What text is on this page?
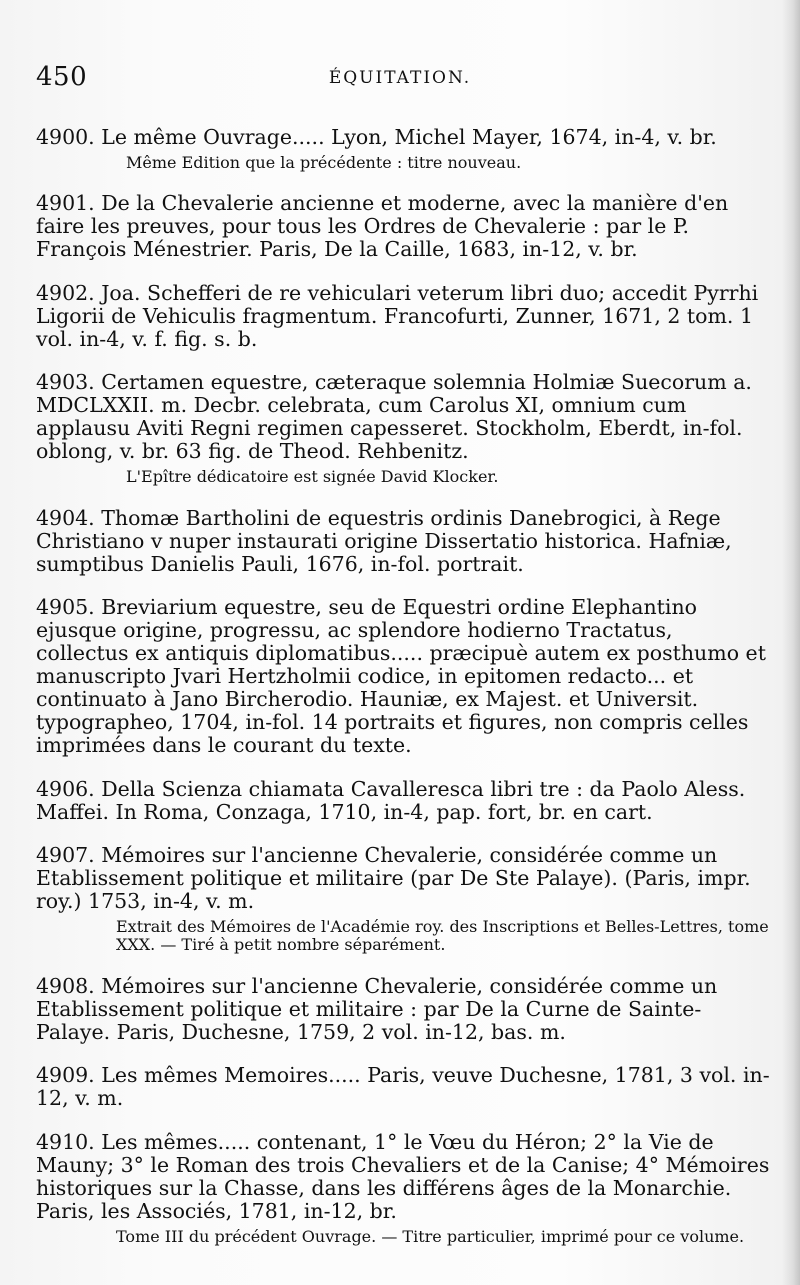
450	ÉQUITATION.

4900. Le même Ouvrage..... Lyon, Michel Mayer, 1674, in-4, v. br.

Même Edition que la précédente : titre nouveau.

4901. De la Chevalerie ancienne et moderne, avec la manière d'en faire les preuves, pour tous les Ordres de Chevalerie : par le P. François Ménestrier. Paris, De la Caille, 1683, in-12, v. br.

4902. Joa. Schefferi de re vehiculari veterum libri duo; accedit Pyrrhi Ligorii de Vehiculis fragmentum. Francofurti, Zunner, 1671, 2 tom. 1 vol. in-4, v. f. fig. s. b.

4903. Certamen equestre, cæteraque solemnia Holmiæ Suecorum a. MDCLXXII. m. Decbr. celebrata, cum Carolus XI, omnium cum applausu Aviti Regni regimen capesseret. Stockholm, Eberdt, in-fol. oblong, v. br. 63 fig. de Theod. Rehbenitz.

L'Epître dédicatoire est signée David Klocker.

4904. Thomæ Bartholini de equestris ordinis Danebrogici, à Rege Christiano v nuper instaurati origine Dissertatio historica. Hafniæ, sumptibus Danielis Pauli, 1676, in-fol. portrait.

4905. Breviarium equestre, seu de Equestri ordine Elephantino ejusque origine, progressu, ac splendore hodierno Tractatus, collectus ex antiquis diplomatibus..... præcipuè autem ex posthumo et manuscripto Jvari Hertzholmii codice, in epitomen redacto... et continuato à Jano Bircherodio. Hauniæ, ex Majest. et Universit. typographeo, 1704, in-fol. 14 portraits et figures, non compris celles imprimées dans le courant du texte.

4906. Della Scienza chiamata Cavalleresca libri tre : da Paolo Aless. Maffei. In Roma, Conzaga, 1710, in-4, pap. fort, br. en cart.

4907. Mémoires sur l'ancienne Chevalerie, considérée comme un Etablissement politique et militaire (par De Ste Palaye). (Paris, impr. roy.) 1753, in-4, v. m.

Extrait des Mémoires de l'Académie roy. des Inscriptions et Belles-Lettres, tome XXX. — Tiré à petit nombre séparément.

4908. Mémoires sur l'ancienne Chevalerie, considérée comme un Etablissement politique et militaire : par De la Curne de Sainte-Palaye. Paris, Duchesne, 1759, 2 vol. in-12, bas. m.

4909. Les mêmes Memoires..... Paris, veuve Duchesne, 1781, 3 vol. in-12, v. m.

4910. Les mêmes..... contenant, 1° le Vœu du Héron; 2° la Vie de Mauny; 3° le Roman des trois Chevaliers et de la Canise; 4° Mémoires historiques sur la Chasse, dans les différens âges de la Monarchie. Paris, les Associés, 1781, in-12, br.

Tome III du précédent Ouvrage. — Titre particulier, imprimé pour ce volume.
